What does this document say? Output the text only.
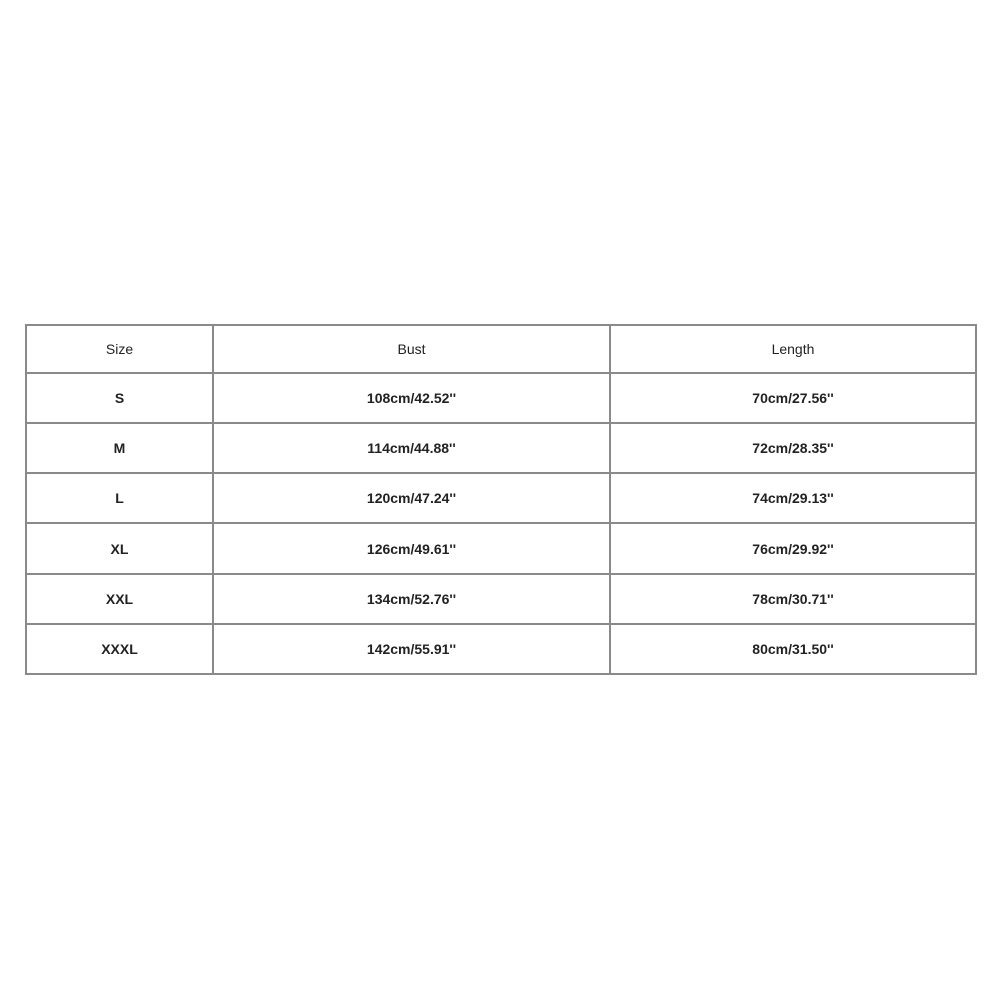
Size	Bust	Length
S	108cm/42.52''	70cm/27.56''
M	114cm/44.88''	72cm/28.35''
L	120cm/47.24''	74cm/29.13''
XL	126cm/49.61''	76cm/29.92''
XXL	134cm/52.76''	78cm/30.71''
XXXL	142cm/55.91''	80cm/31.50''
